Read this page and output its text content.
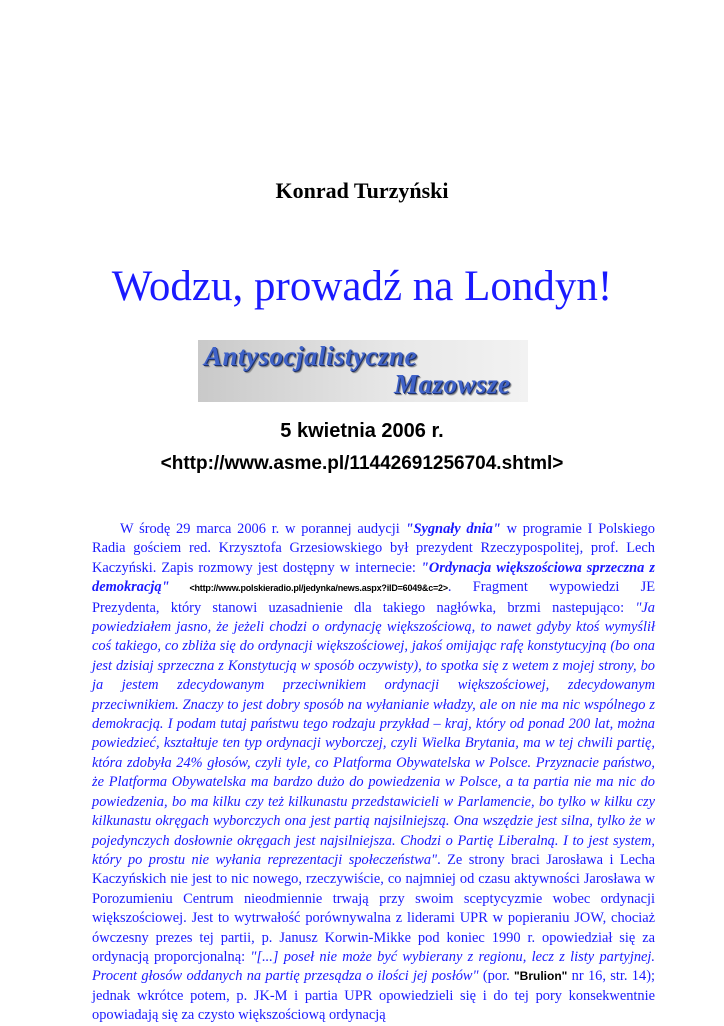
Konrad Turzyński
Wodzu, prowadź na Londyn!
Antysocjalistyczne
Mazowsze
5 kwietnia 2006 r.
<http://www.asme.pl/11442691256704.shtml>

W środę 29 marca 2006 r. w porannej audycji "Sygnały dnia" w programie I Polskiego Radia gościem red. Krzysztofa Grzesiowskiego był prezydent Rzeczypospolitej, prof. Lech Kaczyński. Zapis rozmowy jest dostępny w internecie: "Ordynacja większościowa sprzeczna z demokracją" <http://www.polskieradio.pl/jedynka/news.aspx?iID=6049&c=2>. Fragment wypowiedzi JE Prezydenta, który stanowi uzasadnienie dla takiego nagłówka, brzmi nastepująco: "Ja powiedziałem jasno, że jeżeli chodzi o ordynację większościową, to nawet gdyby ktoś wymyślił coś takiego, co zbliża się do ordynacji większościowej, jakoś omijając rafę konstytucyjną (bo ona jest dzisiaj sprzeczna z Konstytucją w sposób oczywisty), to spotka się z wetem z mojej strony, bo ja jestem zdecydowanym przeciwnikiem ordynacji większościowej, zdecydowanym przeciwnikiem. Znaczy to jest dobry sposób na wyłanianie władzy, ale on nie ma nic wspólnego z demokracją. I podam tutaj państwu tego rodzaju przykład – kraj, który od ponad 200 lat, można powiedzieć, kształtuje ten typ ordynacji wyborczej, czyli Wielka Brytania, ma w tej chwili partię, która zdobyła 24% głosów, czyli tyle, co Platforma Obywatelska w Polsce. Przyznacie państwo, że Platforma Obywatelska ma bardzo dużo do powiedzenia w Polsce, a ta partia nie ma nic do powiedzenia, bo ma kilku czy też kilkunastu przedstawicieli w Parlamencie, bo tylko w kilku czy kilkunastu okręgach wyborczych ona jest partią najsilniejszą. Ona wszędzie jest silna, tylko że w pojedynczych dosłownie okręgach jest najsilniejsza. Chodzi o Partię Liberalną. I to jest system, który po prostu nie wyłania reprezentacji społeczeństwa". Ze strony braci Jarosława i Lecha Kaczyńskich nie jest to nic nowego, rzeczywiście, co najmniej od czasu aktywności Jarosława w Porozumieniu Centrum nieodmiennie trwają przy swoim sceptycyzmie wobec ordynacji większościowej. Jest to wytrwałość porównywalna z liderami UPR w popieraniu JOW, chociaż ówczesny prezes tej partii, p. Janusz Korwin-Mikke pod koniec 1990 r. opowiedział się za ordynacją proporcjonalną: "[...] poseł nie może być wybierany z regionu, lecz z listy partyjnej. Procent głosów oddanych na partię przesądza o ilości jej posłów" (por. "Brulion" nr 16, str. 14); jednak wkrótce potem, p. JK-M i partia UPR opowiedzieli się i do tej pory konsekwentnie opowiadają się za czysto większościową ordynacją
